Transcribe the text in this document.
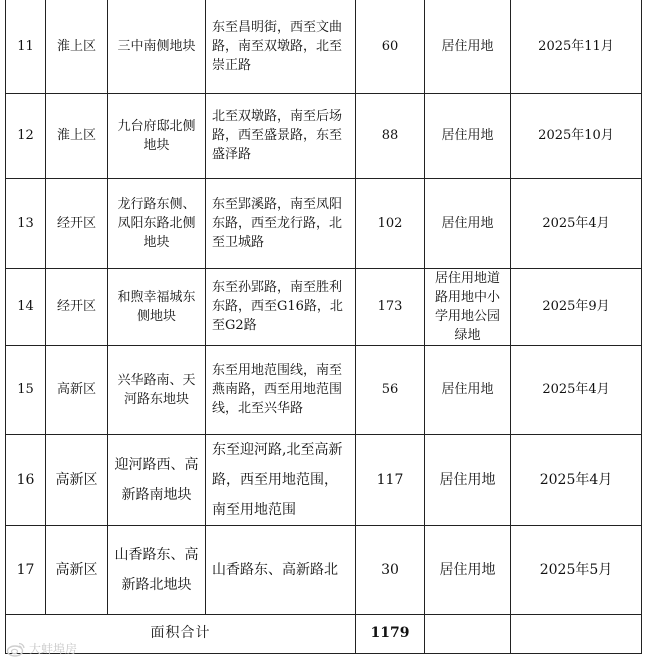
11	淮上区	三中南侧地块	东至昌明街，西至文曲路，南至双墩路，北至崇正路	60	居住用地	2025年11月
12	淮上区	九台府邸北侧地块	北至双墩路，南至后场路，西至盛景路，东至盛泽路	88	居住用地	2025年10月
13	经开区	龙行路东侧、凤阳东路北侧地块	东至郢溪路，南至凤阳东路，西至龙行路，北至卫城路	102	居住用地	2025年4月
14	经开区	和煦幸福城东侧地块	东至孙郢路，南至胜利东路，西至G16路，北至G2路	173	居住用地道路用地中小学用地公园绿地	2025年9月
15	高新区	兴华路南、天河路东地块	东至用地范围线，南至燕南路，西至用地范围线，北至兴华路	56	居住用地	2025年4月
16	高新区	迎河路西、高新路南地块	东至迎河路,北至高新路，西至用地范围，南至用地范围	117	居住用地	2025年4月
17	高新区	山香路东、高新路北地块	山香路东、高新路北	30	居住用地	2025年5月
面积合计				1179		
大蚌埠房
